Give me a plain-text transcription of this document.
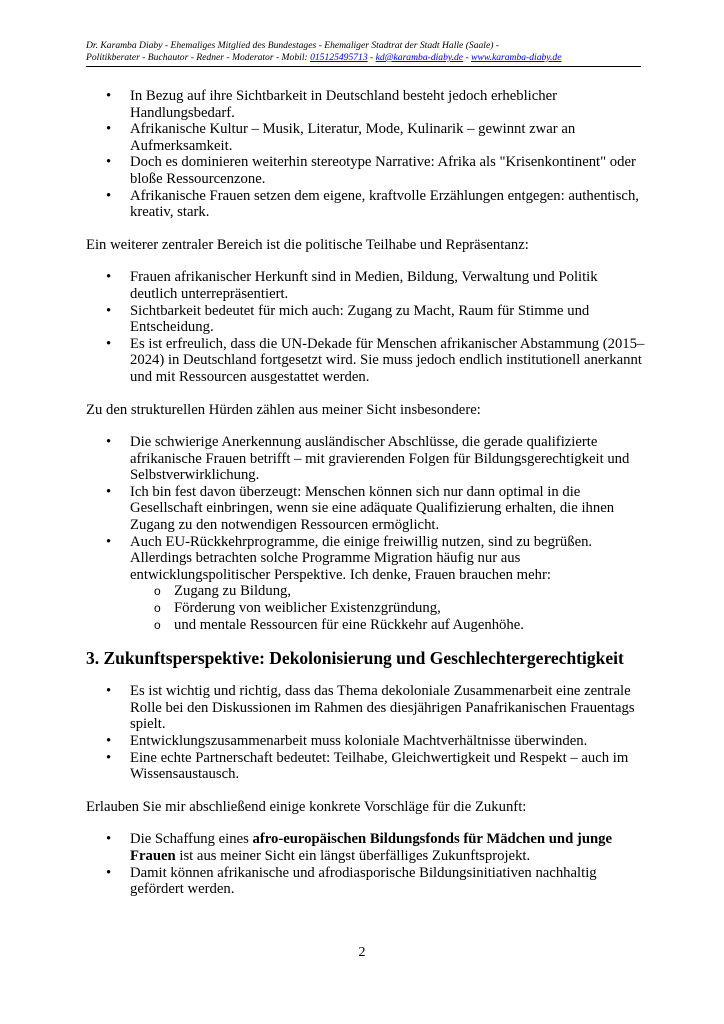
Dr. Karamba Diaby - Ehemaliges Mitglied des Bundestages - Ehemaliger Stadtrat der Stadt Halle (Saale) -
Politikberater - Buchautor - Redner - Moderator - Mobil: 015125495713 - kd@karamba-diaby.de - www.karamba-diaby.de
• In Bezug auf ihre Sichtbarkeit in Deutschland besteht jedoch erheblicher Handlungsbedarf.
• Afrikanische Kultur – Musik, Literatur, Mode, Kulinarik – gewinnt zwar an Aufmerksamkeit.
• Doch es dominieren weiterhin stereotype Narrative: Afrika als "Krisenkontinent" oder bloße Ressourcenzone.
• Afrikanische Frauen setzen dem eigene, kraftvolle Erzählungen entgegen: authentisch, kreativ, stark.

Ein weiterer zentraler Bereich ist die politische Teilhabe und Repräsentanz:

• Frauen afrikanischer Herkunft sind in Medien, Bildung, Verwaltung und Politik deutlich unterrepräsentiert.
• Sichtbarkeit bedeutet für mich auch: Zugang zu Macht, Raum für Stimme und Entscheidung.
• Es ist erfreulich, dass die UN-Dekade für Menschen afrikanischer Abstammung (2015–2024) in Deutschland fortgesetzt wird. Sie muss jedoch endlich institutionell anerkannt und mit Ressourcen ausgestattet werden.

Zu den strukturellen Hürden zählen aus meiner Sicht insbesondere:

• Die schwierige Anerkennung ausländischer Abschlüsse, die gerade qualifizierte afrikanische Frauen betrifft – mit gravierenden Folgen für Bildungsgerechtigkeit und Selbstverwirklichung.
• Ich bin fest davon überzeugt: Menschen können sich nur dann optimal in die Gesellschaft einbringen, wenn sie eine adäquate Qualifizierung erhalten, die ihnen Zugang zu den notwendigen Ressourcen ermöglicht.
• Auch EU-Rückkehrprogramme, die einige freiwillig nutzen, sind zu begrüßen. Allerdings betrachten solche Programme Migration häufig nur aus entwicklungspolitischer Perspektive. Ich denke, Frauen brauchen mehr:
o Zugang zu Bildung,
o Förderung von weiblicher Existenzgründung,
o und mentale Ressourcen für eine Rückkehr auf Augenhöhe.
3. Zukunftsperspektive: Dekolonisierung und Geschlechtergerechtigkeit
• Es ist wichtig und richtig, dass das Thema dekoloniale Zusammenarbeit eine zentrale Rolle bei den Diskussionen im Rahmen des diesjährigen Panafrikanischen Frauentags spielt.
• Entwicklungszusammenarbeit muss koloniale Machtverhältnisse überwinden.
• Eine echte Partnerschaft bedeutet: Teilhabe, Gleichwertigkeit und Respekt – auch im Wissensaustausch.

Erlauben Sie mir abschließend einige konkrete Vorschläge für die Zukunft:

• Die Schaffung eines afro-europäischen Bildungsfonds für Mädchen und junge Frauen ist aus meiner Sicht ein längst überfälliges Zukunftsprojekt.
• Damit können afrikanische und afrodiasporische Bildungsinitiativen nachhaltig gefördert werden.
2
